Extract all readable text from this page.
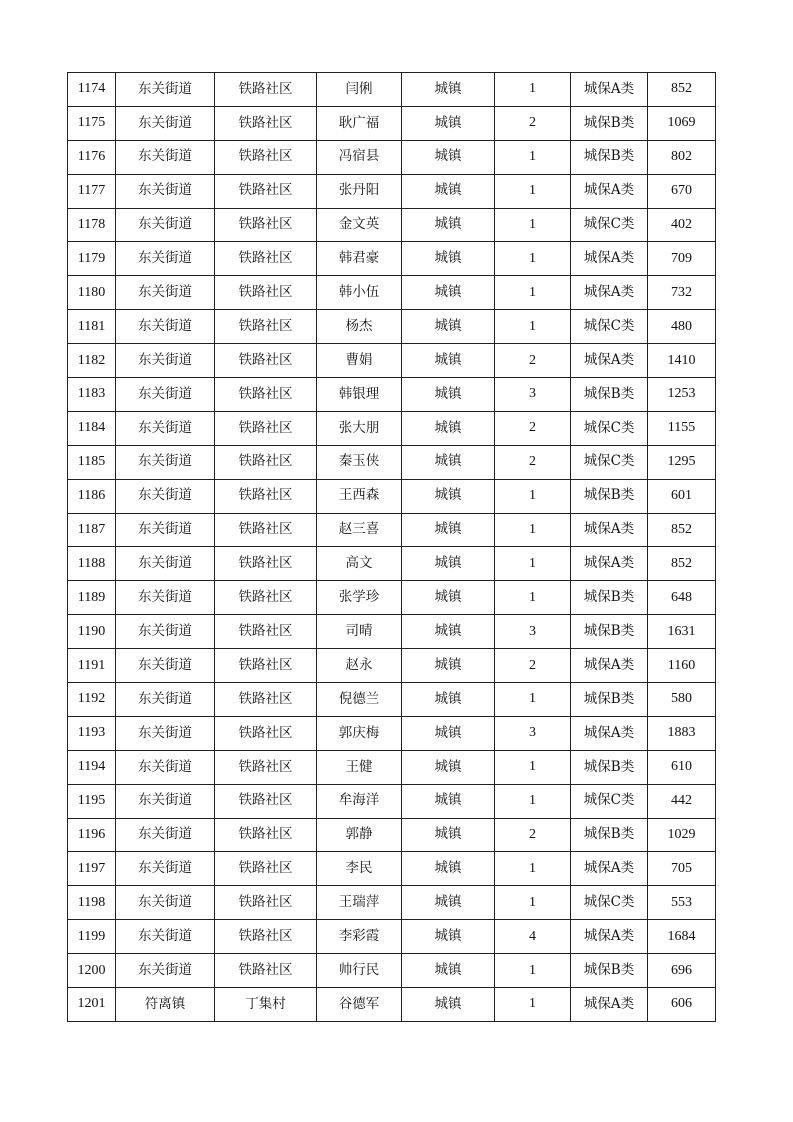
1174	东关街道	铁路社区	闫俐	城镇	1	城保A类	852
1175	东关街道	铁路社区	耿广福	城镇	2	城保B类	1069
1176	东关街道	铁路社区	冯宿县	城镇	1	城保B类	802
1177	东关街道	铁路社区	张丹阳	城镇	1	城保A类	670
1178	东关街道	铁路社区	金文英	城镇	1	城保C类	402
1179	东关街道	铁路社区	韩君豪	城镇	1	城保A类	709
1180	东关街道	铁路社区	韩小伍	城镇	1	城保A类	732
1181	东关街道	铁路社区	杨杰	城镇	1	城保C类	480
1182	东关街道	铁路社区	曹娟	城镇	2	城保A类	1410
1183	东关街道	铁路社区	韩银理	城镇	3	城保B类	1253
1184	东关街道	铁路社区	张大朋	城镇	2	城保C类	1155
1185	东关街道	铁路社区	秦玉侠	城镇	2	城保C类	1295
1186	东关街道	铁路社区	王西森	城镇	1	城保B类	601
1187	东关街道	铁路社区	赵三喜	城镇	1	城保A类	852
1188	东关街道	铁路社区	高文	城镇	1	城保A类	852
1189	东关街道	铁路社区	张学珍	城镇	1	城保B类	648
1190	东关街道	铁路社区	司晴	城镇	3	城保B类	1631
1191	东关街道	铁路社区	赵永	城镇	2	城保A类	1160
1192	东关街道	铁路社区	倪德兰	城镇	1	城保B类	580
1193	东关街道	铁路社区	郭庆梅	城镇	3	城保A类	1883
1194	东关街道	铁路社区	王健	城镇	1	城保B类	610
1195	东关街道	铁路社区	牟海洋	城镇	1	城保C类	442
1196	东关街道	铁路社区	郭静	城镇	2	城保B类	1029
1197	东关街道	铁路社区	李民	城镇	1	城保A类	705
1198	东关街道	铁路社区	王瑞萍	城镇	1	城保C类	553
1199	东关街道	铁路社区	李彩霞	城镇	4	城保A类	1684
1200	东关街道	铁路社区	帅行民	城镇	1	城保B类	696
1201	符离镇	丁集村	谷德军	城镇	1	城保A类	606
